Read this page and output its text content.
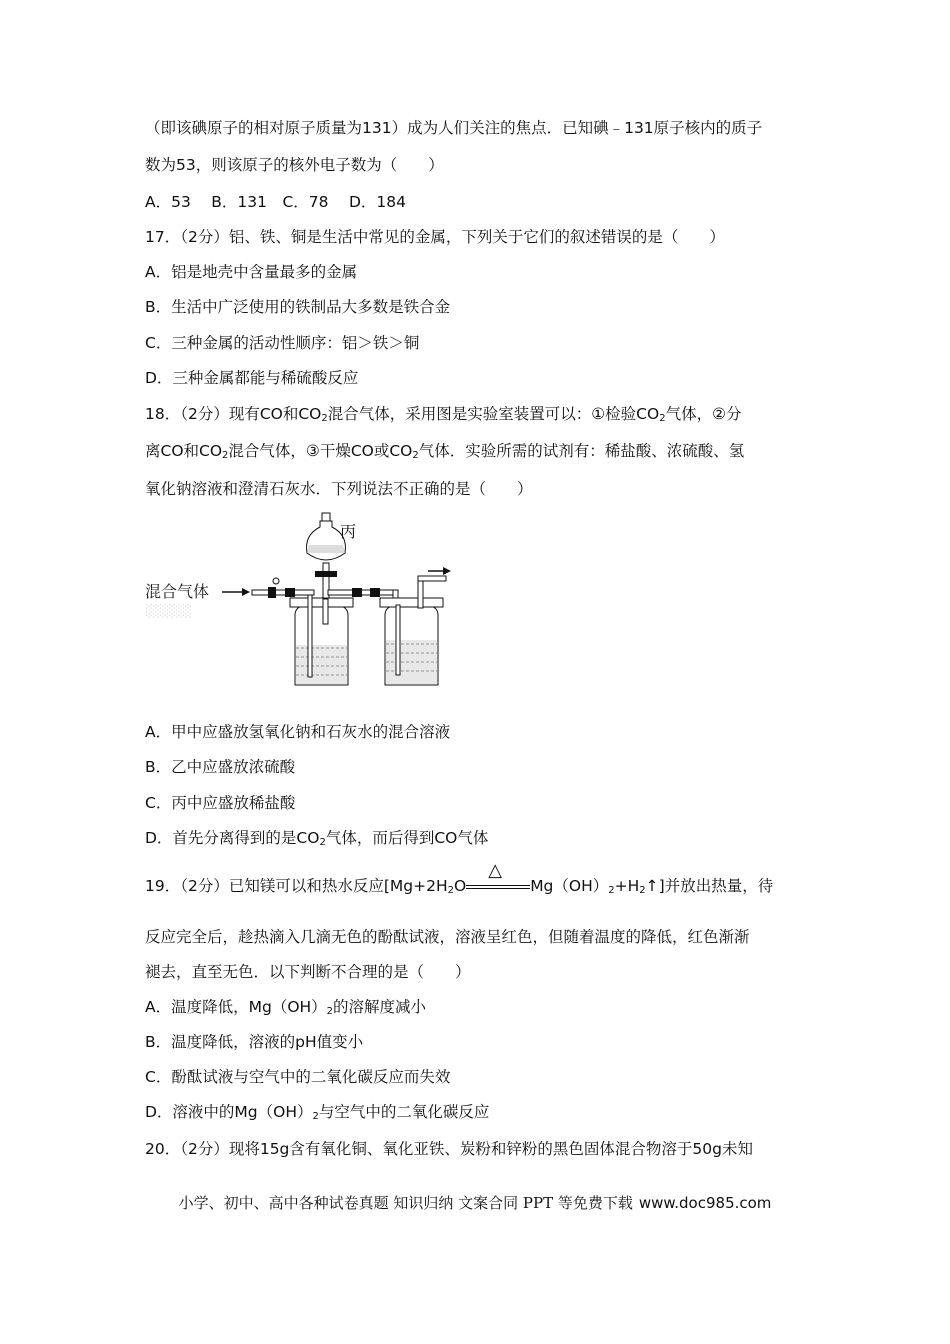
（即该碘原子的相对原子质量为131）成为人们关注的焦点．已知碘﹣131原子核内的质子
数为53，则该原子的核外电子数为（　　）
A．53　 B．131　C．78　 D．184
17．（2分）铝、铁、铜是生活中常见的金属，下列关于它们的叙述错误的是（　　）
A．铝是地壳中含量最多的金属
B．生活中广泛使用的铁制品大多数是铁合金
C．三种金属的活动性顺序：铝＞铁＞铜
D．三种金属都能与稀硫酸反应
18．（2分）现有CO和$CO_2$混合气体，采用图是实验室装置可以：①检验$CO_2$气体，②分
离CO和$CO_2$混合气体，③干燥CO或$CO_2$气体．实验所需的试剂有：稀盐酸、浓硫酸、氢
氧化钠溶液和澄清石灰水．下列说法不正确的是（　　）
混合气体
░░░░░
丙
A．甲中应盛放氢氧化钠和石灰水的混合溶液
B．乙中应盛放浓硫酸
C．丙中应盛放稀盐酸
D．首先分离得到的是$CO_2$气体，而后得到CO气体
19．（2分）已知镁可以和热水反应[$Mg+2H_2O$
△
$Mg(OH)_2+H_2↑$]并放出热量，待
反应完全后，趁热滴入几滴无色的酚酞试液，溶液呈红色，但随着温度的降低，红色渐渐
褪去，直至无色．以下判断不合理的是（　　）
A．温度降低，$Mg(OH)_2$的溶解度减小
B．温度降低，溶液的pH值变小
C．酚酞试液与空气中的二氧化碳反应而失效
D．溶液中的$Mg(OH)_2$与空气中的二氧化碳反应
20．（2分）现将15g含有氧化铜、氧化亚铁、炭粉和锌粉的黑色固体混合物溶于50g未知
小学、初中、高中各种试卷真题 知识归纳 文案合同 PPT 等免费下载 www.doc985.com
